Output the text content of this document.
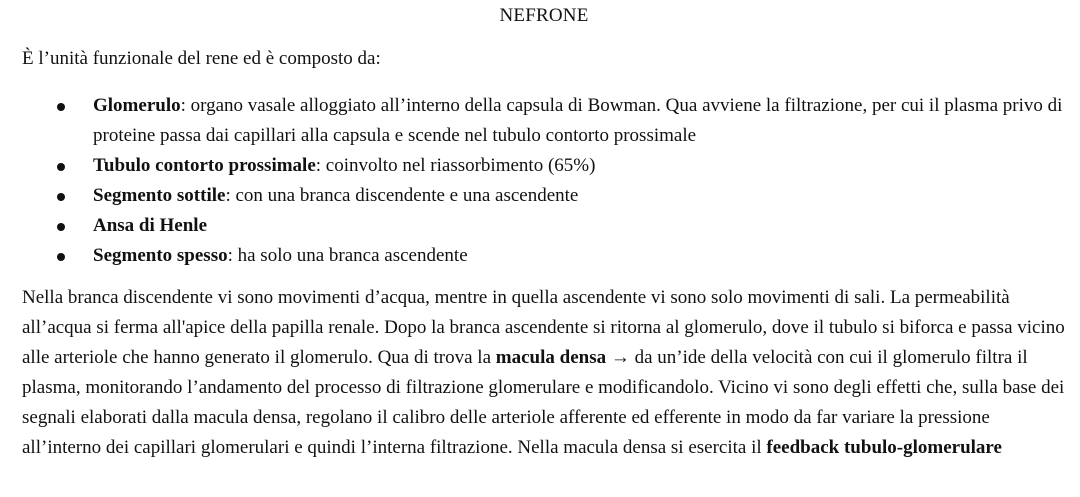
NEFRONE

È l’unità funzionale del rene ed è composto da:

Glomerulo: organo vasale alloggiato all’interno della capsula di Bowman. Qua avviene la filtrazione, per cui il plasma privo di proteine passa dai capillari alla capsula e scende nel tubulo contorto prossimale
Tubulo contorto prossimale: coinvolto nel riassorbimento (65%)
Segmento sottile: con una branca discendente e una ascendente
Ansa di Henle
Segmento spesso: ha solo una branca ascendente

Nella branca discendente vi sono movimenti d’acqua, mentre in quella ascendente vi sono solo movimenti di sali. La permeabilità all’acqua si ferma all'apice della papilla renale. Dopo la branca ascendente si ritorna al glomerulo, dove il tubulo si biforca e passa vicino alle arteriole che hanno generato il glomerulo. Qua di trova la macula densa → da un’ide della velocità con cui il glomerulo filtra il plasma, monitorando l’andamento del processo di filtrazione glomerulare e modificandolo. Vicino vi sono degli effetti che, sulla base dei segnali elaborati dalla macula densa, regolano il calibro delle arteriole afferente ed efferente in modo da far variare la pressione all’interno dei capillari glomerulari e quindi l’interna filtrazione. Nella macula densa si esercita il feedback tubulo-glomerulare
